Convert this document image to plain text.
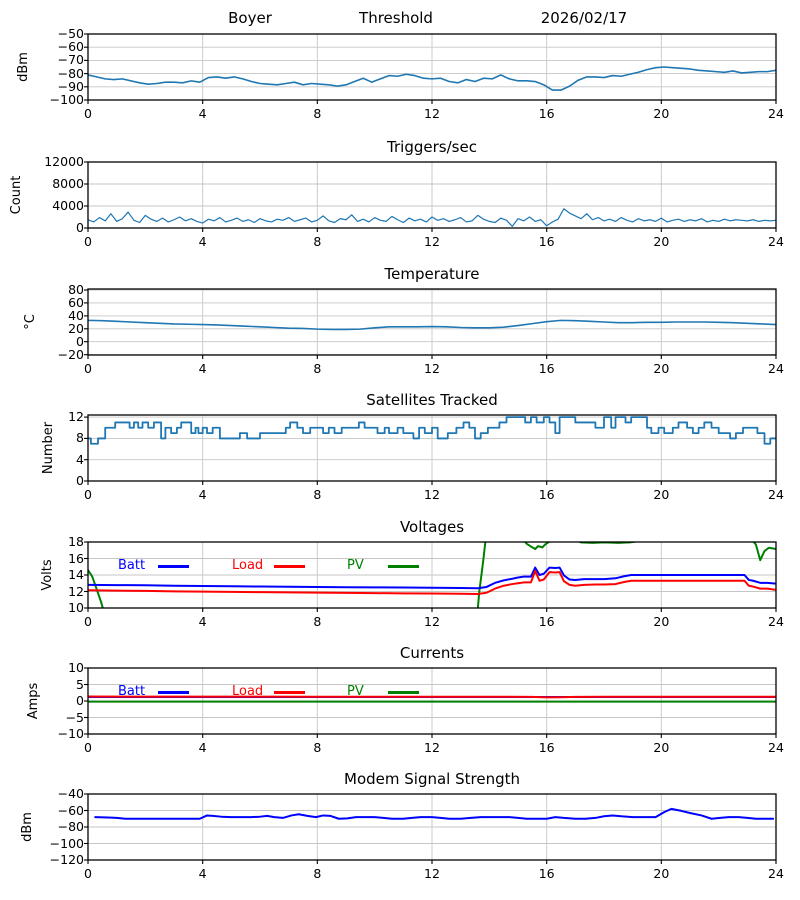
Boyer	Threshold	2026/02/17
dBm
−100
−90
−80
−70
−60
−50
0	4	8	12	16	20	24
Triggers/sec
Count
0
4000
8000
12000
0	4	8	12	16	20	24
Temperature
°C
−20
0
20
40
60
80
0	4	8	12	16	20	24
Satellites Tracked
Number
0
4
8
12
0	4	8	12	16	20	24
Voltages
Volts
10
12
14
16
18
0	4	8	12	16	20	24
Batt	Load	PV
Currents
Amps
−10
−5
0
5
10
0	4	8	12	16	20	24
Batt	Load	PV
Modem Signal Strength
dBm
−120
−100
−80
−60
−40
0	4	8	12	16	20	24
